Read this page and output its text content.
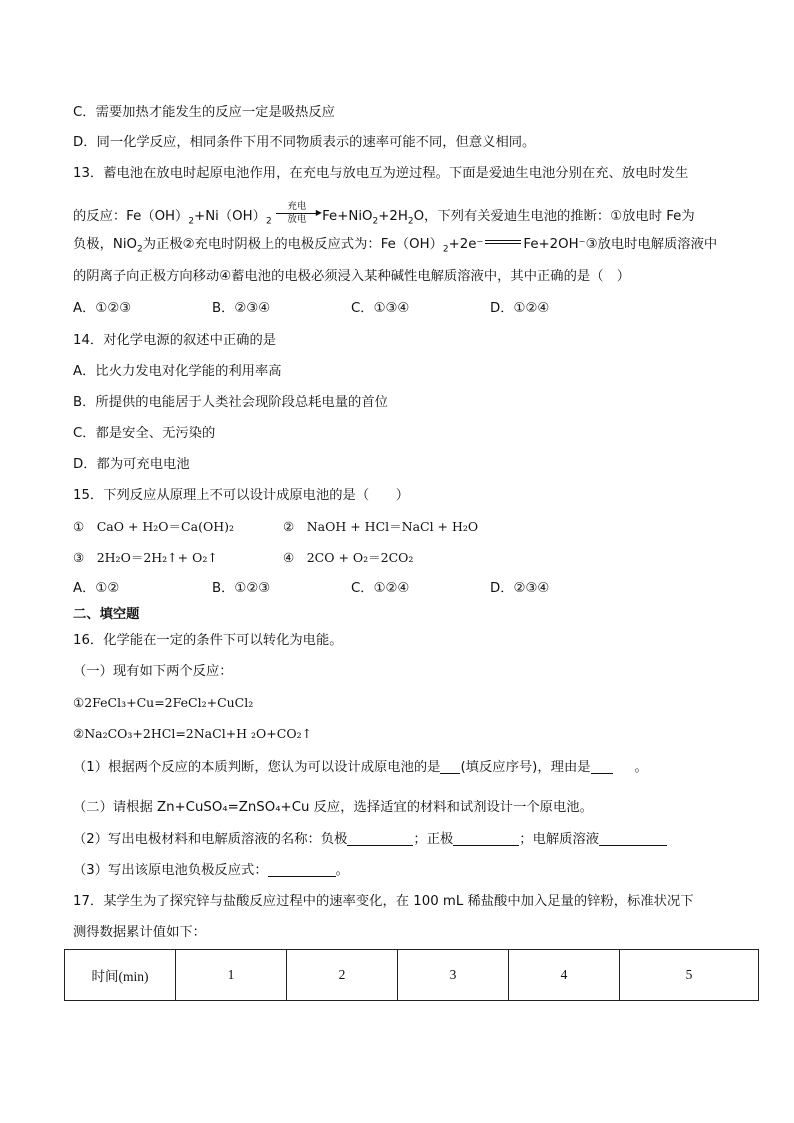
C．需要加热才能发生的反应一定是吸热反应
D．同一化学反应，相同条件下用不同物质表示的速率可能不同，但意义相同。
13．蓄电池在放电时起原电池作用，在充电与放电互为逆过程。下面是爱迪生电池分别在充、放电时发生
的反应：$Fe(OH)_2+Ni(OH)_2$
充电
放电
▶ $Fe+NiO_2+2H_2O$，下列有关爱迪生电池的推断：①放电时 Fe为
负极，NiO$_2$为正极②充电时阴极上的电极反应式为：$Fe(OH)_2+2e^-$	Fe+2OH⁻③放电时电解质溶液中
的阴离子向正极方向移动④蓄电池的电极必须浸入某种碱性电解质溶液中，其中正确的是（　）
A．①②③	B．②③④	C．①③④	D．①②④
14．对化学电源的叙述中正确的是
A．比火力发电对化学能的利用率高
B．所提供的电能居于人类社会现阶段总耗电量的首位
C．都是安全、无污染的
D．都为可充电电池
15．下列反应从原理上不可以设计成原电池的是（　　）
①　CaO + H₂O＝Ca(OH)₂	②　NaOH + HCl＝NaCl + H₂O
③　2H₂O＝2H₂↑+ O₂↑	④　2CO + O₂＝2CO₂
A．①②	B．①②③	C．①②④	D．②③④
二、填空题
16．化学能在一定的条件下可以转化为电能。
（一）现有如下两个反应：
①2FeCl₃+Cu=2FeCl₂+CuCl₂
②Na₂CO₃+2HCl=2NaCl+H ₂O+CO₂↑
（1）根据两个反应的本质判断，您认为可以设计成原电池的是 (填反应序号)，理由是	。
（二）请根据 Zn+CuSO₄=ZnSO₄+Cu 反应，选择适宜的材料和试剂设计一个原电池。
（2）写出电极材料和电解质溶液的名称：负极	；正极	；电解质溶液
（3）写出该原电池负极反应式：	。
17．某学生为了探究锌与盐酸反应过程中的速率变化，在 100 mL 稀盐酸中加入足量的锌粉，标准状况下
测得数据累计值如下：
时间(min)	1	2	3	4	5
